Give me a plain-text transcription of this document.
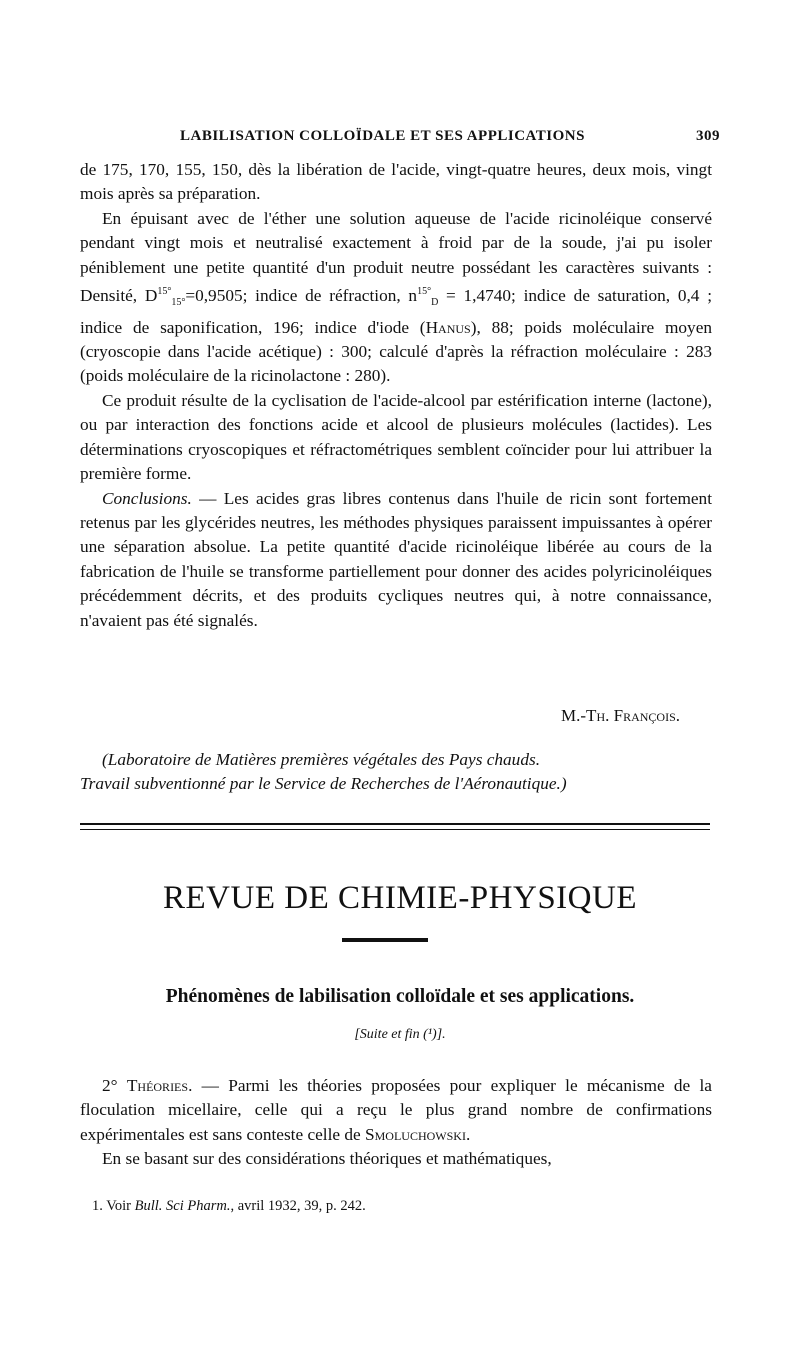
LABILISATION COLLOÏDALE ET SES APPLICATIONS	309

de 175, 170, 155, 150, dès la libération de l'acide, vingt-quatre heures, deux mois, vingt mois après sa préparation.

En épuisant avec de l'éther une solution aqueuse de l'acide ricinoléique conservé pendant vingt mois et neutralisé exactement à froid par de la soude, j'ai pu isoler péniblement une petite quantité d'un produit neutre possédant les caractères suivants : Densité, $D^{15^\circ}_{15^\circ}=0,9505$; indice de réfraction, $n^{15^\circ}_D = 1,4740$; indice de saturation, 0,4 ; indice de saponification, 196; indice d'iode (Hanus), 88; poids moléculaire moyen (cryoscopie dans l'acide acétique) : 300; calculé d'après la réfraction moléculaire : 283 (poids moléculaire de la ricinolactone : 280).

Ce produit résulte de la cyclisation de l'acide-alcool par estérification interne (lactone), ou par interaction des fonctions acide et alcool de plusieurs molécules (lactides). Les déterminations cryoscopiques et réfractométriques semblent coïncider pour lui attribuer la première forme.

Conclusions. — Les acides gras libres contenus dans l'huile de ricin sont fortement retenus par les glycérides neutres, les méthodes physiques paraissent impuissantes à opérer une séparation absolue. La petite quantité d'acide ricinoléique libérée au cours de la fabrication de l'huile se transforme partiellement pour donner des acides polyricinoléiques précédemment décrits, et des produits cycliques neutres qui, à notre connaissance, n'avaient pas été signalés.

M.-Th. François.

(Laboratoire de Matières premières végétales des Pays chauds.

Travail subventionné par le Service de Recherches de l'Aéronautique.)

REVUE DE CHIMIE-PHYSIQUE
Phénomènes de labilisation colloïdale et ses applications.
[Suite et fin (¹)].

2° Théories. — Parmi les théories proposées pour expliquer le mécanisme de la floculation micellaire, celle qui a reçu le plus grand nombre de confirmations expérimentales est sans conteste celle de Smoluchowski.

En se basant sur des considérations théoriques et mathématiques,

1. Voir Bull. Sci Pharm., avril 1932, 39, p. 242.
